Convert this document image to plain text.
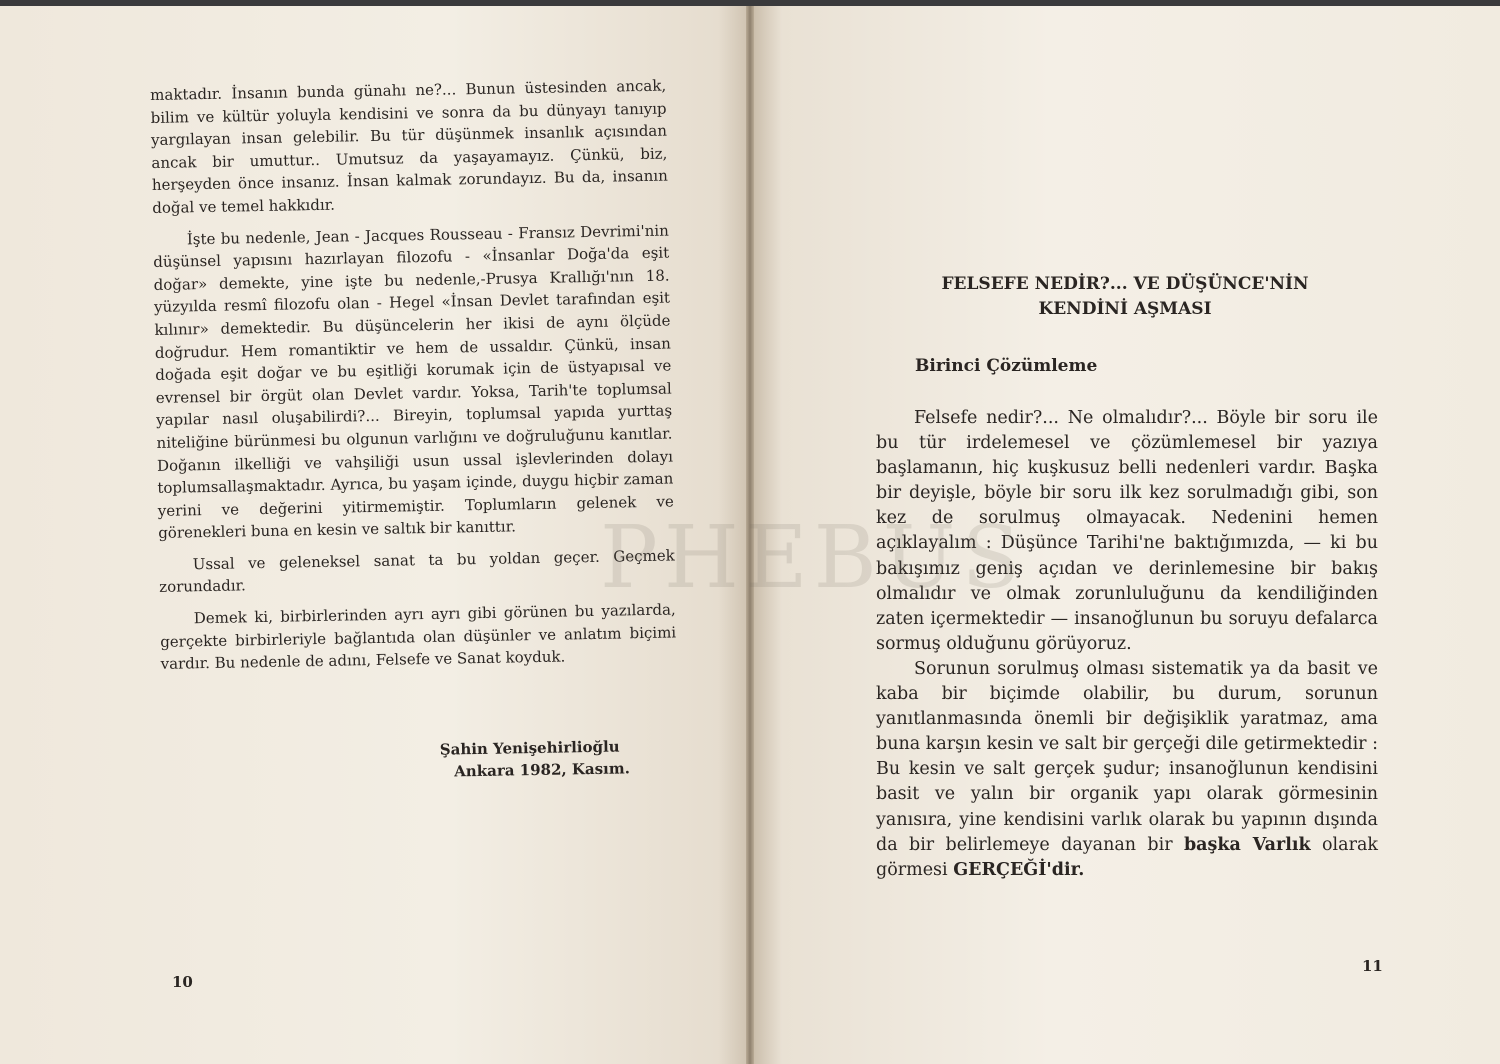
maktadır. İnsanın bunda günahı ne?... Bunun üstesinden ancak, bilim ve kültür yoluyla kendisini ve sonra da bu dünyayı tanıyıp yargılayan insan gelebilir. Bu tür düşünmek insanlık açısından ancak bir umuttur.. Umutsuz da yaşayamayız. Çünkü, biz, herşeyden önce insanız. İnsan kalmak zorundayız. Bu da, insanın doğal ve temel hakkıdır.

İşte bu nedenle, Jean - Jacques Rousseau - Fransız Devrimi'nin düşünsel yapısını hazırlayan filozofu - «İnsanlar Doğa'da eşit doğar» demekte, yine işte bu nedenle,-Prusya Krallığı'nın 18. yüzyılda resmî filozofu olan - Hegel «İnsan Devlet tarafından eşit kılınır» demektedir. Bu düşüncelerin her ikisi de aynı ölçüde doğrudur. Hem romantiktir ve hem de ussaldır. Çünkü, insan doğada eşit doğar ve bu eşitliği korumak için de üstyapısal ve evrensel bir örgüt olan Devlet vardır. Yoksa, Tarih'te toplumsal yapılar nasıl oluşabilirdi?... Bireyin, toplumsal yapıda yurttaş niteliğine bürünmesi bu olgunun varlığını ve doğruluğunu kanıtlar. Doğanın ilkelliği ve vahşiliği usun ussal işlevlerinden dolayı toplumsallaşmaktadır. Ayrıca, bu yaşam içinde, duygu hiçbir zaman yerini ve değerini yitirmemiştir. Toplumların gelenek ve görenekleri buna en kesin ve saltık bir kanıttır.

Ussal ve geleneksel sanat ta bu yoldan geçer. Geçmek zorundadır.

Demek ki, birbirlerinden ayrı ayrı gibi görünen bu yazılarda, gerçekte birbirleriyle bağlantıda olan düşünler ve anlatım biçimi vardır. Bu nedenle de adını, Felsefe ve Sanat koyduk.

Şahin Yenişehirlioğlu
Ankara 1982, Kasım.
10
FELSEFE NEDİR?... VE DÜŞÜNCE'NİN
KENDİNİ AŞMASI
Birinci Çözümleme

Felsefe nedir?... Ne olmalıdır?... Böyle bir soru ile bu tür irdelemesel ve çözümlemesel bir yazıya başlamanın, hiç kuşkusuz belli nedenleri vardır. Başka bir deyişle, böyle bir soru ilk kez sorulmadığı gibi, son kez de sorulmuş olmayacak. Nedenini hemen açıklayalım : Düşünce Tarihi'ne baktığımızda, — ki bu bakışımız geniş açıdan ve derinlemesine bir bakış olmalıdır ve olmak zorunluluğunu da kendiliğinden zaten içermektedir — insanoğlunun bu soruyu defalarca sormuş olduğunu görüyoruz.

Sorunun sorulmuş olması sistematik ya da basit ve kaba bir biçimde olabilir, bu durum, sorunun yanıtlanmasında önemli bir değişiklik yaratmaz, ama buna karşın kesin ve salt bir gerçeği dile getirmektedir : Bu kesin ve salt gerçek şudur; insanoğlunun kendisini basit ve yalın bir organik yapı olarak görmesinin yanısıra, yine kendisini varlık olarak bu yapının dışında da bir belirlemeye dayanan bir başka Varlık olarak görmesi GERÇEĞİ'dir.

11
